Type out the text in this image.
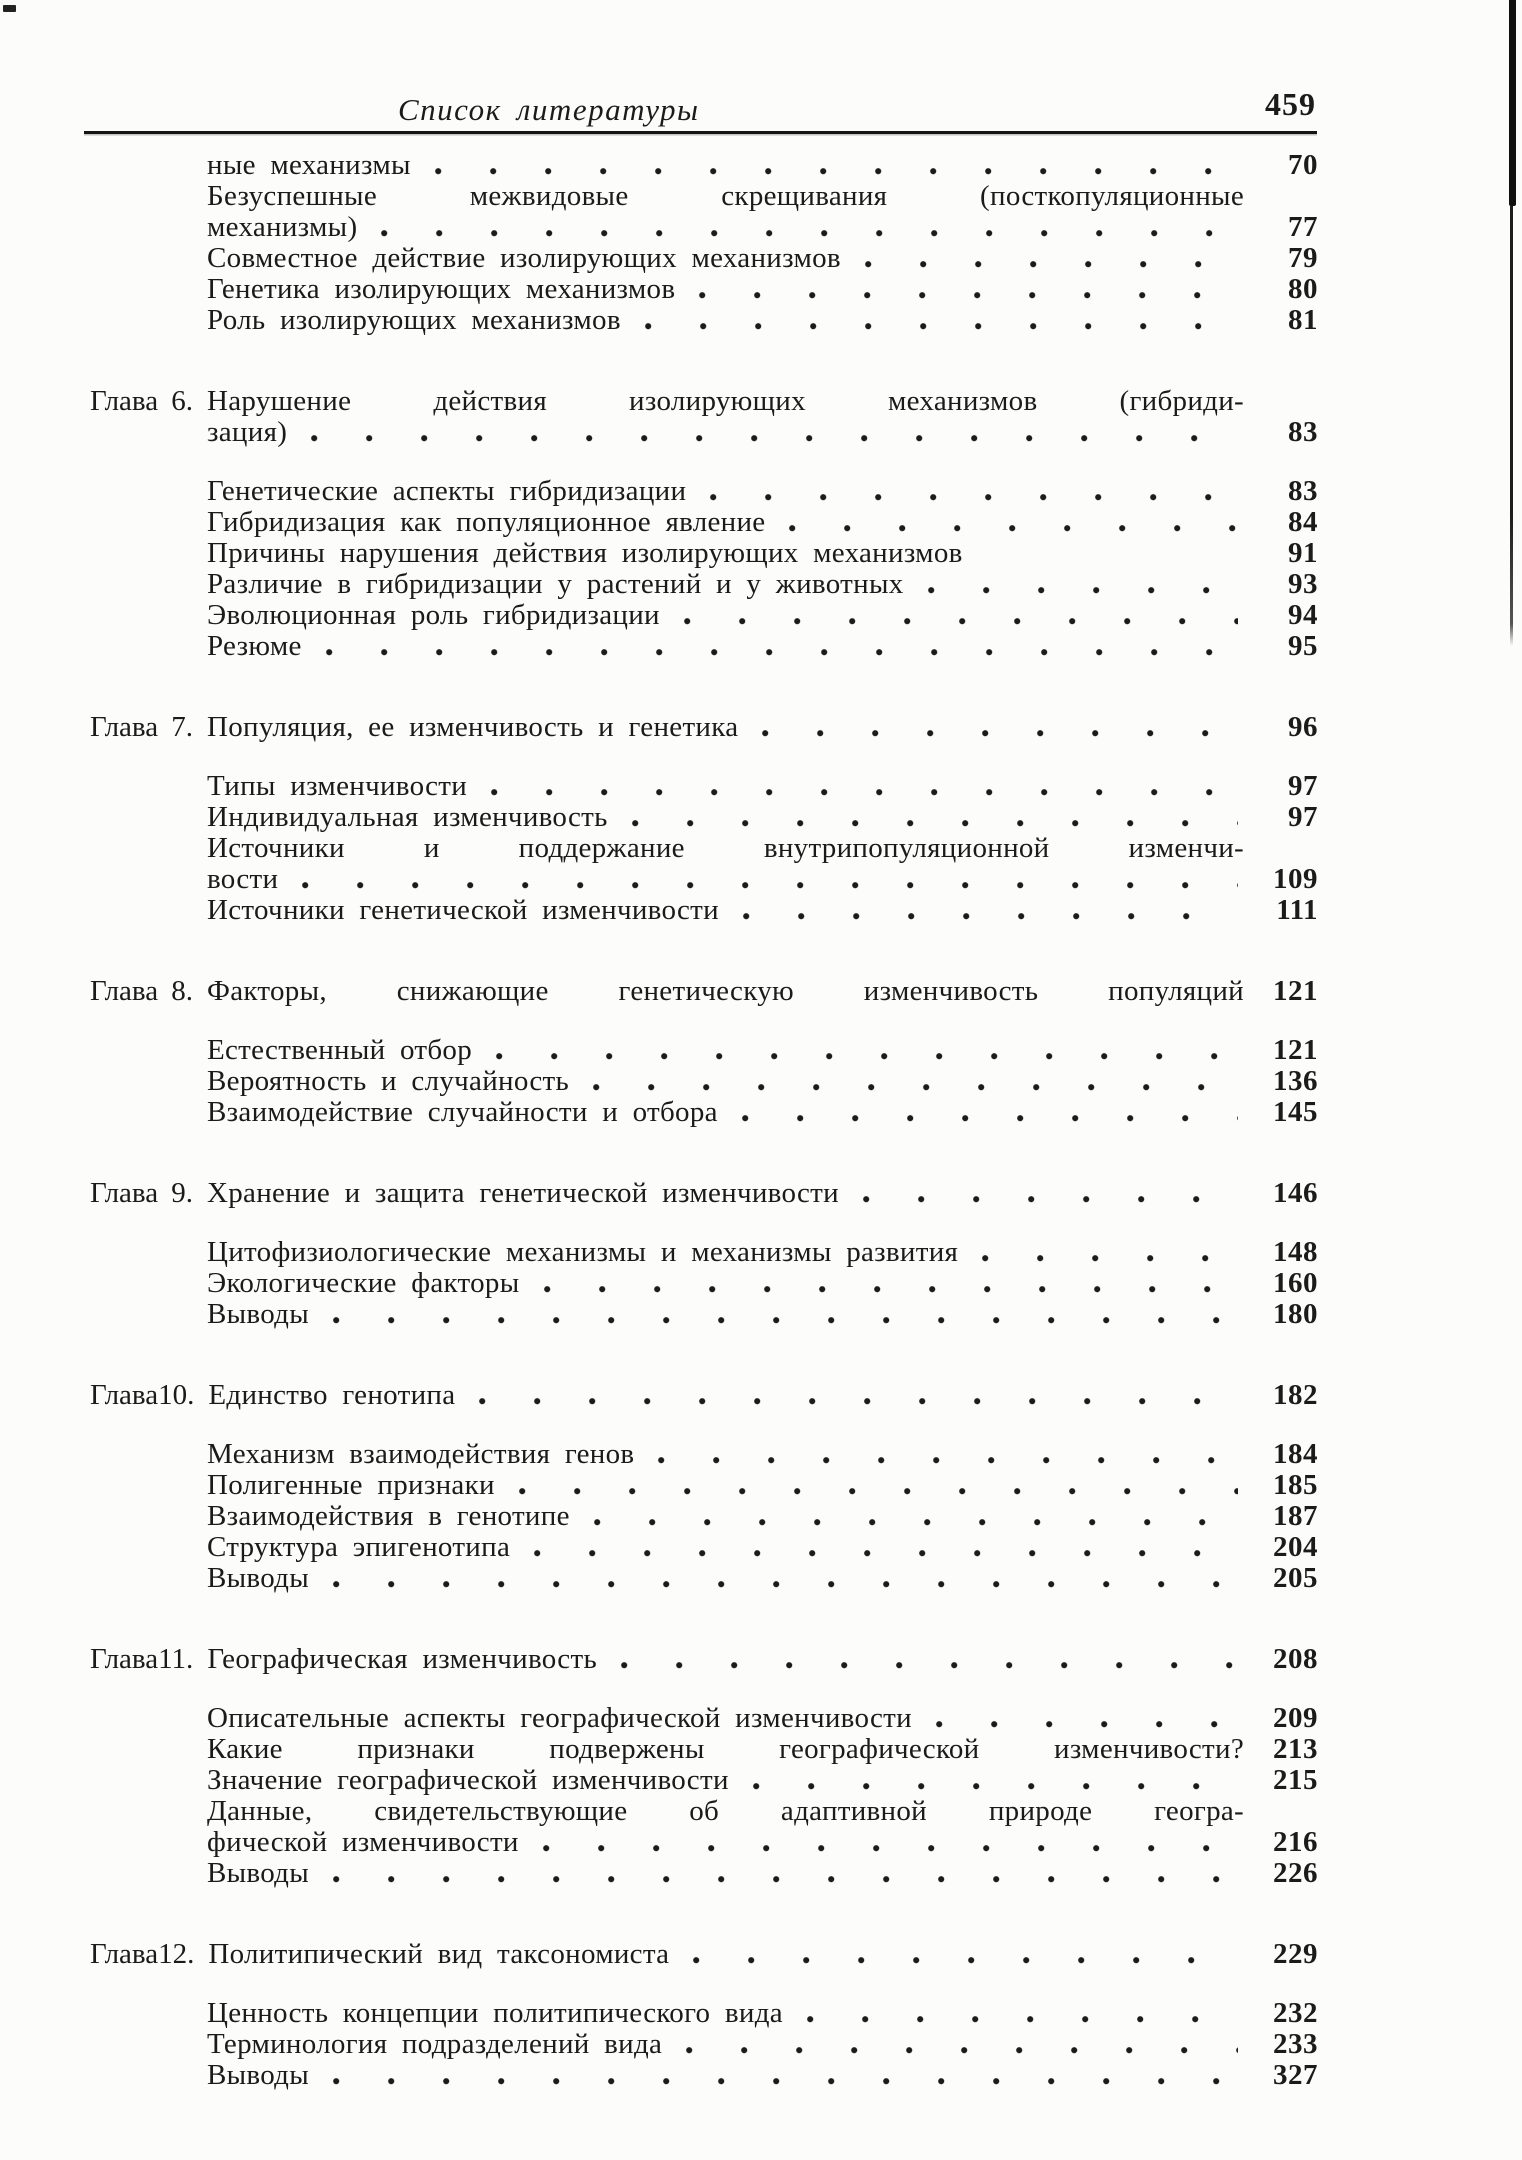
Список литературы	459
ные механизмы	70
Безуспешные межвидовые скрещивания (посткопуляционные
механизмы)	77
Совместное действие изолирующих механизмов	79
Генетика изолирующих механизмов	80
Роль изолирующих механизмов	81
Глава 6. Нарушение действия изолирующих механизмов (гибриди-
зация)	83
Генетические аспекты гибридизации	83
Гибридизация как популяционное явление	84
Причины нарушения действия изолирующих механизмов	91
Различие в гибридизации у растений и у животных	93
Эволюционная роль гибридизации	94
Резюме	95
Глава 7. Популяция, ее изменчивость и генетика	96
Типы изменчивости	97
Индивидуальная изменчивость	97
Источники и поддержание внутрипопуляционной изменчи-
вости	109
Источники генетической изменчивости	111
Глава 8. Факторы, снижающие генетическую изменчивость популяций	121
Естественный отбор	121
Вероятность и случайность	136
Взаимодействие случайности и отбора	145
Глава 9. Хранение и защита генетической изменчивости	146
Цитофизиологические механизмы и механизмы развития	148
Экологические факторы	160
Выводы	180
Глава 10. Единство генотипа	182
Механизм взаимодействия генов	184
Полигенные признаки	185
Взаимодействия в генотипе	187
Структура эпигенотипа	204
Выводы	205
Глава 11. Географическая изменчивость	208
Описательные аспекты географической изменчивости	209
Какие признаки подвержены географической изменчивости?	213
Значение географической изменчивости	215
Данные, свидетельствующие об адаптивной природе геогра-
фической изменчивости	216
Выводы	226
Глава 12. Политипический вид таксономиста	229
Ценность концепции политипического вида	232
Терминология подразделений вида	233
Выводы	327
